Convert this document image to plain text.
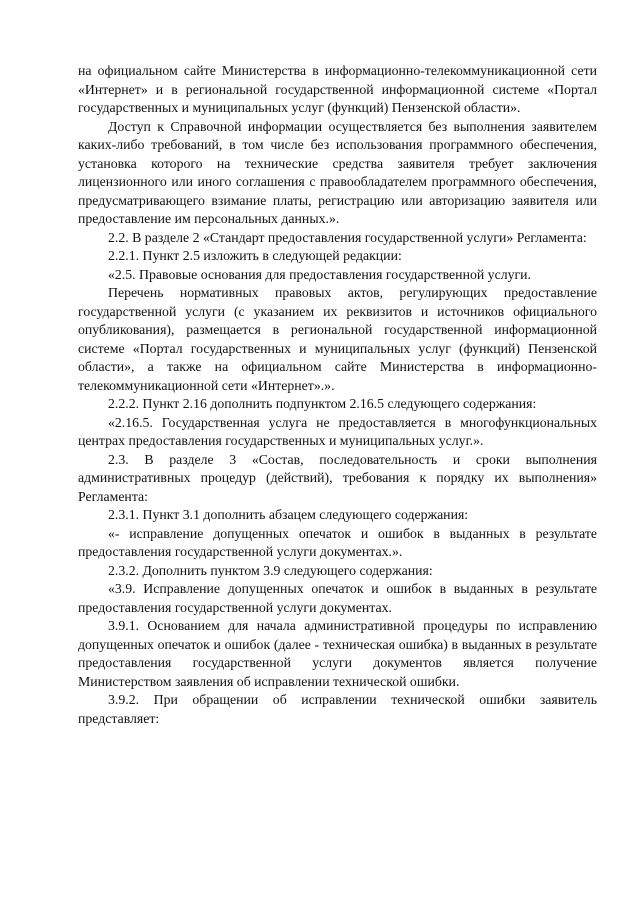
на официальном сайте Министерства в информационно-телекоммуникационной сети «Интернет» и в региональной государственной информационной системе «Портал государственных и муниципальных услуг (функций) Пензенской области».

Доступ к Справочной информации осуществляется без выполнения заявителем каких-либо требований, в том числе без использования программного обеспечения, установка которого на технические средства заявителя требует заключения лицензионного или иного соглашения с правообладателем программного обеспечения, предусматривающего взимание платы, регистрацию или авторизацию заявителя или предоставление им персональных данных.».

2.2. В разделе 2 «Стандарт предоставления государственной услуги» Регламента:

2.2.1. Пункт 2.5 изложить в следующей редакции:

«2.5. Правовые основания для предоставления государственной услуги.

Перечень нормативных правовых актов, регулирующих предоставление государственной услуги (с указанием их реквизитов и источников официального опубликования), размещается в региональной государственной информационной системе «Портал государственных и муниципальных услуг (функций) Пензенской области», а также на официальном сайте Министерства в информационно-телекоммуникационной сети «Интернет».».

2.2.2. Пункт 2.16 дополнить подпунктом 2.16.5 следующего содержания:

«2.16.5. Государственная услуга не предоставляется в многофункциональных центрах предоставления государственных и муниципальных услуг.».

2.3. В разделе 3 «Состав, последовательность и сроки выполнения административных процедур (действий), требования к порядку их выполнения» Регламента:

2.3.1. Пункт 3.1 дополнить абзацем следующего содержания:

«- исправление допущенных опечаток и ошибок в выданных в результате предоставления государственной услуги документах.».

2.3.2. Дополнить пунктом 3.9 следующего содержания:

«3.9. Исправление допущенных опечаток и ошибок в выданных в результате предоставления государственной услуги документах.

3.9.1. Основанием для начала административной процедуры по исправлению допущенных опечаток и ошибок (далее - техническая ошибка) в выданных в результате предоставления государственной услуги документов является получение Министерством заявления об исправлении технической ошибки.

3.9.2. При обращении об исправлении технической ошибки заявитель представляет:
